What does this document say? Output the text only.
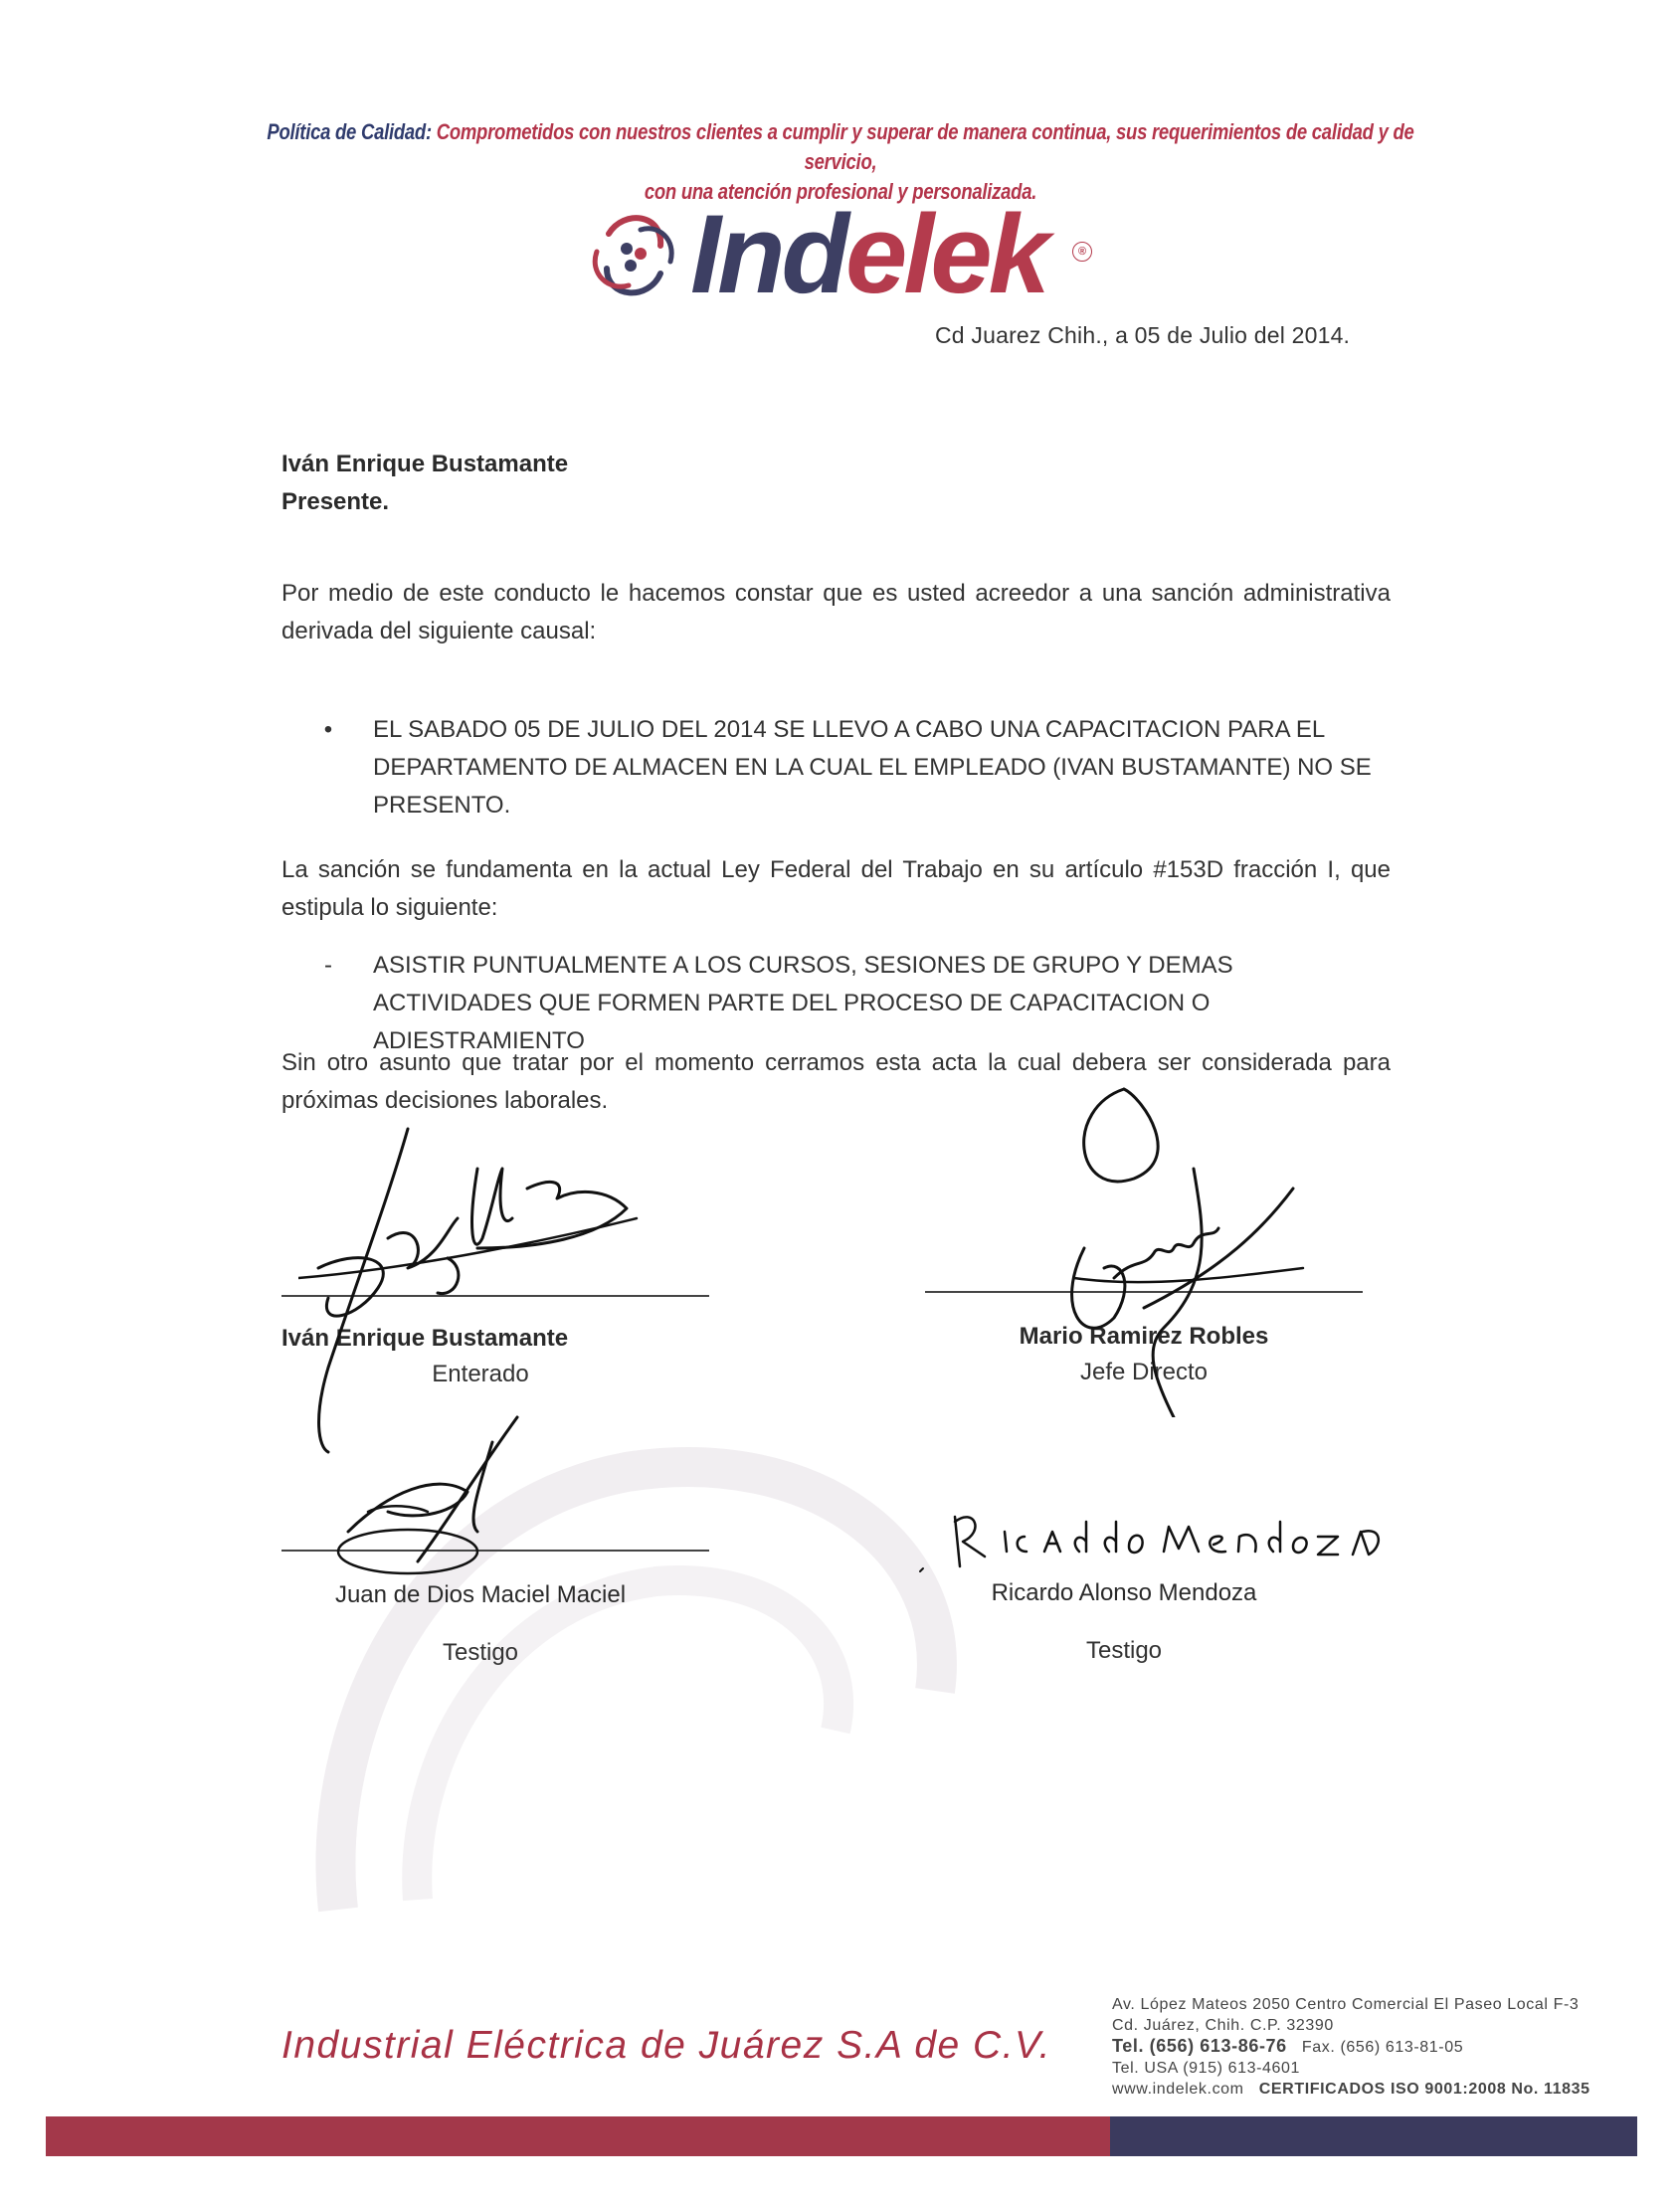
Política de Calidad: Comprometidos con nuestros clientes a cumplir y superar de manera continua, sus requerimientos de calidad y de servicio,
con una atención profesional y personalizada.
Indelek	®
Cd Juarez Chih., a 05 de Julio del 2014.
Iván Enrique Bustamante
Presente.
Por medio de este conducto le hacemos constar que es usted acreedor a una sanción administrativa derivada del siguiente causal:
• EL SABADO 05 DE JULIO DEL 2014 SE LLEVO A CABO UNA CAPACITACION PARA EL DEPARTAMENTO DE ALMACEN EN LA CUAL EL EMPLEADO (IVAN BUSTAMANTE) NO SE PRESENTO.
La sanción se fundamenta en la actual Ley Federal del Trabajo en su artículo #153D fracción I, que estipula lo siguiente:
- ASISTIR PUNTUALMENTE A LOS CURSOS, SESIONES DE GRUPO Y DEMAS ACTIVIDADES QUE FORMEN PARTE DEL PROCESO DE CAPACITACION O ADIESTRAMIENTO
Sin otro asunto que tratar por el momento cerramos esta acta la cual debera ser considerada para próximas decisiones laborales.
Iván Enrique Bustamante
Enterado
Mario Ramirez Robles
Jefe Directo
Juan de Dios Maciel Maciel
Testigo
Ricardo Alonso Mendoza
Testigo
Industrial Eléctrica de Juárez S.A de C.V.
Av. López Mateos 2050 Centro Comercial El Paseo Local F-3
Cd. Juárez, Chih. C.P. 32390
Tel. (656) 613-86-76 Fax. (656) 613-81-05
Tel. USA (915) 613-4601
www.indelek.com CERTIFICADOS ISO 9001:2008 No. 11835
